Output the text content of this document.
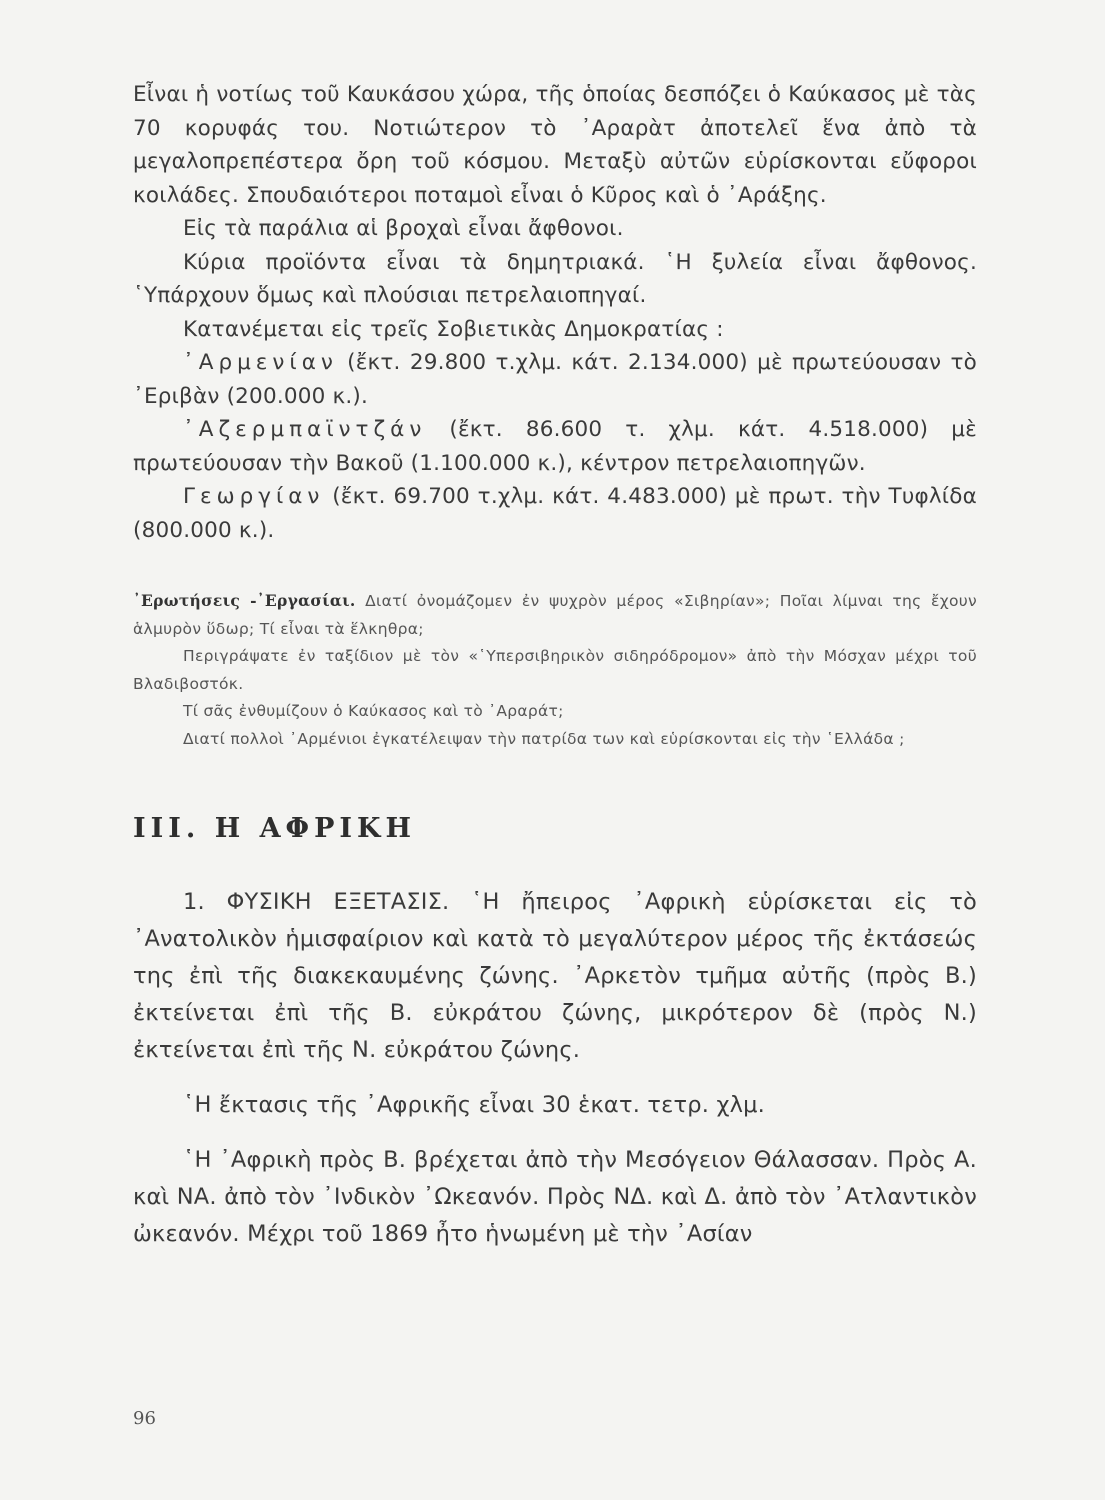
Εἶναι ἡ νοτίως τοῦ Καυκάσου χώρα, τῆς ὁποίας δεσπόζει ὁ Καύκασος μὲ τὰς 70 κορυφάς του. Νοτιώτερον τὸ ᾿Αραρὰτ ἀποτελεῖ ἕνα ἀπὸ τὰ μεγαλοπρεπέστερα ὄρη τοῦ κόσμου. Μεταξὺ αὐτῶν εὑρίσκονται εὔφοροι κοιλάδες. Σπουδαιότεροι ποταμοὶ εἶναι ὁ Κῦρος καὶ ὁ ᾿Αράξης.

Εἰς τὰ παράλια αἱ βροχαὶ εἶναι ἄφθονοι.

Κύρια προϊόντα εἶναι τὰ δημητριακά. ῾Η ξυλεία εἶναι ἄφθονος. ῾Υπάρχουν ὅμως καὶ πλούσιαι πετρελαιοπηγαί.

Κατανέμεται εἰς τρεῖς Σοβιετικὰς Δημοκρατίας :

᾿Αρμενίαν (ἔκτ. 29.800 τ.χλμ. κάτ. 2.134.000) μὲ πρωτεύουσαν τὸ ᾿Εριβὰν (200.000 κ.).

᾿Αζερμπαϊντζάν (ἔκτ. 86.600 τ. χλμ. κάτ. 4.518.000) μὲ πρωτεύουσαν τὴν Βακοῦ (1.100.000 κ.), κέντρον πετρελαιοπηγῶν.

Γεωργίαν (ἔκτ. 69.700 τ.χλμ. κάτ. 4.483.000) μὲ πρωτ. τὴν Τυφλίδα (800.000 κ.).

᾿Ερωτήσεις -᾿Εργασίαι. Διατί ὀνομάζομεν ἐν ψυχρὸν μέρος «Σιβηρίαν»; Ποῖαι λίμναι της ἔχουν ἁλμυρὸν ὕδωρ; Τί εἶναι τὰ ἕλκηθρα;

Περιγράψατε ἐν ταξίδιον μὲ τὸν «῾Υπερσιβηρικὸν σιδηρόδρομον» ἀπὸ τὴν Μόσχαν μέχρι τοῦ Βλαδιβοστόκ.

Τί σᾶς ἐνθυμίζουν ὁ Καύκασος καὶ τὸ ᾿Αραράτ;

Διατί πολλοὶ ᾿Αρμένιοι ἐγκατέλειψαν τὴν πατρίδα των καὶ εὑρίσκονται εἰς τὴν ῾Ελλάδα ;

ΙΙΙ. Η ΑΦΡΙΚΗ

1. ΦΥΣΙΚΗ ΕΞΕΤΑΣΙΣ. ῾Η ἤπειρος ᾿Αφρικὴ εὑρίσκεται εἰς τὸ ᾿Ανατολικὸν ἡμισφαίριον καὶ κατὰ τὸ μεγαλύτερον μέρος τῆς ἐκτάσεώς της ἐπὶ τῆς διακεκαυμένης ζώνης. ᾿Αρκετὸν τμῆμα αὐτῆς (πρὸς Β.) ἐκτείνεται ἐπὶ τῆς Β. εὐκράτου ζώνης, μικρότερον δὲ (πρὸς Ν.) ἐκτείνεται ἐπὶ τῆς Ν. εὐκράτου ζώνης.

῾Η ἔκτασις τῆς ᾿Αφρικῆς εἶναι 30 ἑκατ. τετρ. χλμ.

῾Η ᾿Αφρικὴ πρὸς Β. βρέχεται ἀπὸ τὴν Μεσόγειον Θάλασσαν. Πρὸς Α. καὶ ΝΑ. ἀπὸ τὸν ᾿Ινδικὸν ᾿Ωκεανόν. Πρὸς ΝΔ. καὶ Δ. ἀπὸ τὸν ᾿Ατλαντικὸν ὠκεανόν. Μέχρι τοῦ 1869 ἦτο ἡνωμένη μὲ τὴν ᾿Ασίαν

96
